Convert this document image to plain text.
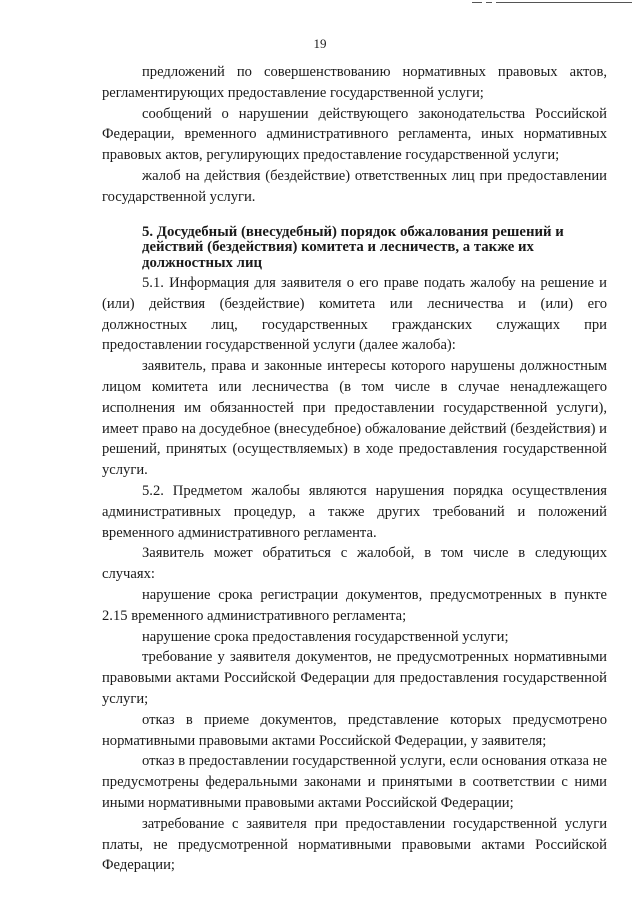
19

предложений по совершенствованию нормативных правовых актов, регламентирующих предоставление государственной услуги;

сообщений о нарушении действующего законодательства Российской Федерации, временного административного регламента, иных нормативных правовых актов, регулирующих предоставление государственной услуги;

жалоб на действия (бездействие) ответственных лиц при предоставлении государственной услуги.

5. Досудебный (внесудебный) порядок обжалования решений и действий (бездействия) комитета и лесничеств, а также их должностных лиц

5.1. Информация для заявителя о его праве подать жалобу на решение и (или) действия (бездействие) комитета или лесничества и (или) его должностных лиц, государственных гражданских служащих при предоставлении государственной услуги (далее жалоба):

заявитель, права и законные интересы которого нарушены должностным лицом комитета или лесничества (в том числе в случае ненадлежащего исполнения им обязанностей при предоставлении государственной услуги), имеет право на досудебное (внесудебное) обжалование действий (бездействия) и решений, принятых (осуществляемых) в ходе предоставления государственной услуги.

5.2. Предметом жалобы являются нарушения порядка осуществления административных процедур, а также других требований и положений временного административного регламента.

Заявитель может обратиться с жалобой, в том числе в следующих случаях:

нарушение срока регистрации документов, предусмотренных в пункте 2.15 временного административного регламента;

нарушение срока предоставления государственной услуги;

требование у заявителя документов, не предусмотренных нормативными правовыми актами Российской Федерации для предоставления государственной услуги;

отказ в приеме документов, представление которых предусмотрено нормативными правовыми актами Российской Федерации, у заявителя;

отказ в предоставлении государственной услуги, если основания отказа не предусмотрены федеральными законами и принятыми в соответствии с ними иными нормативными правовыми актами Российской Федерации;

затребование с заявителя при предоставлении государственной услуги платы, не предусмотренной нормативными правовыми актами Российской Федерации;
